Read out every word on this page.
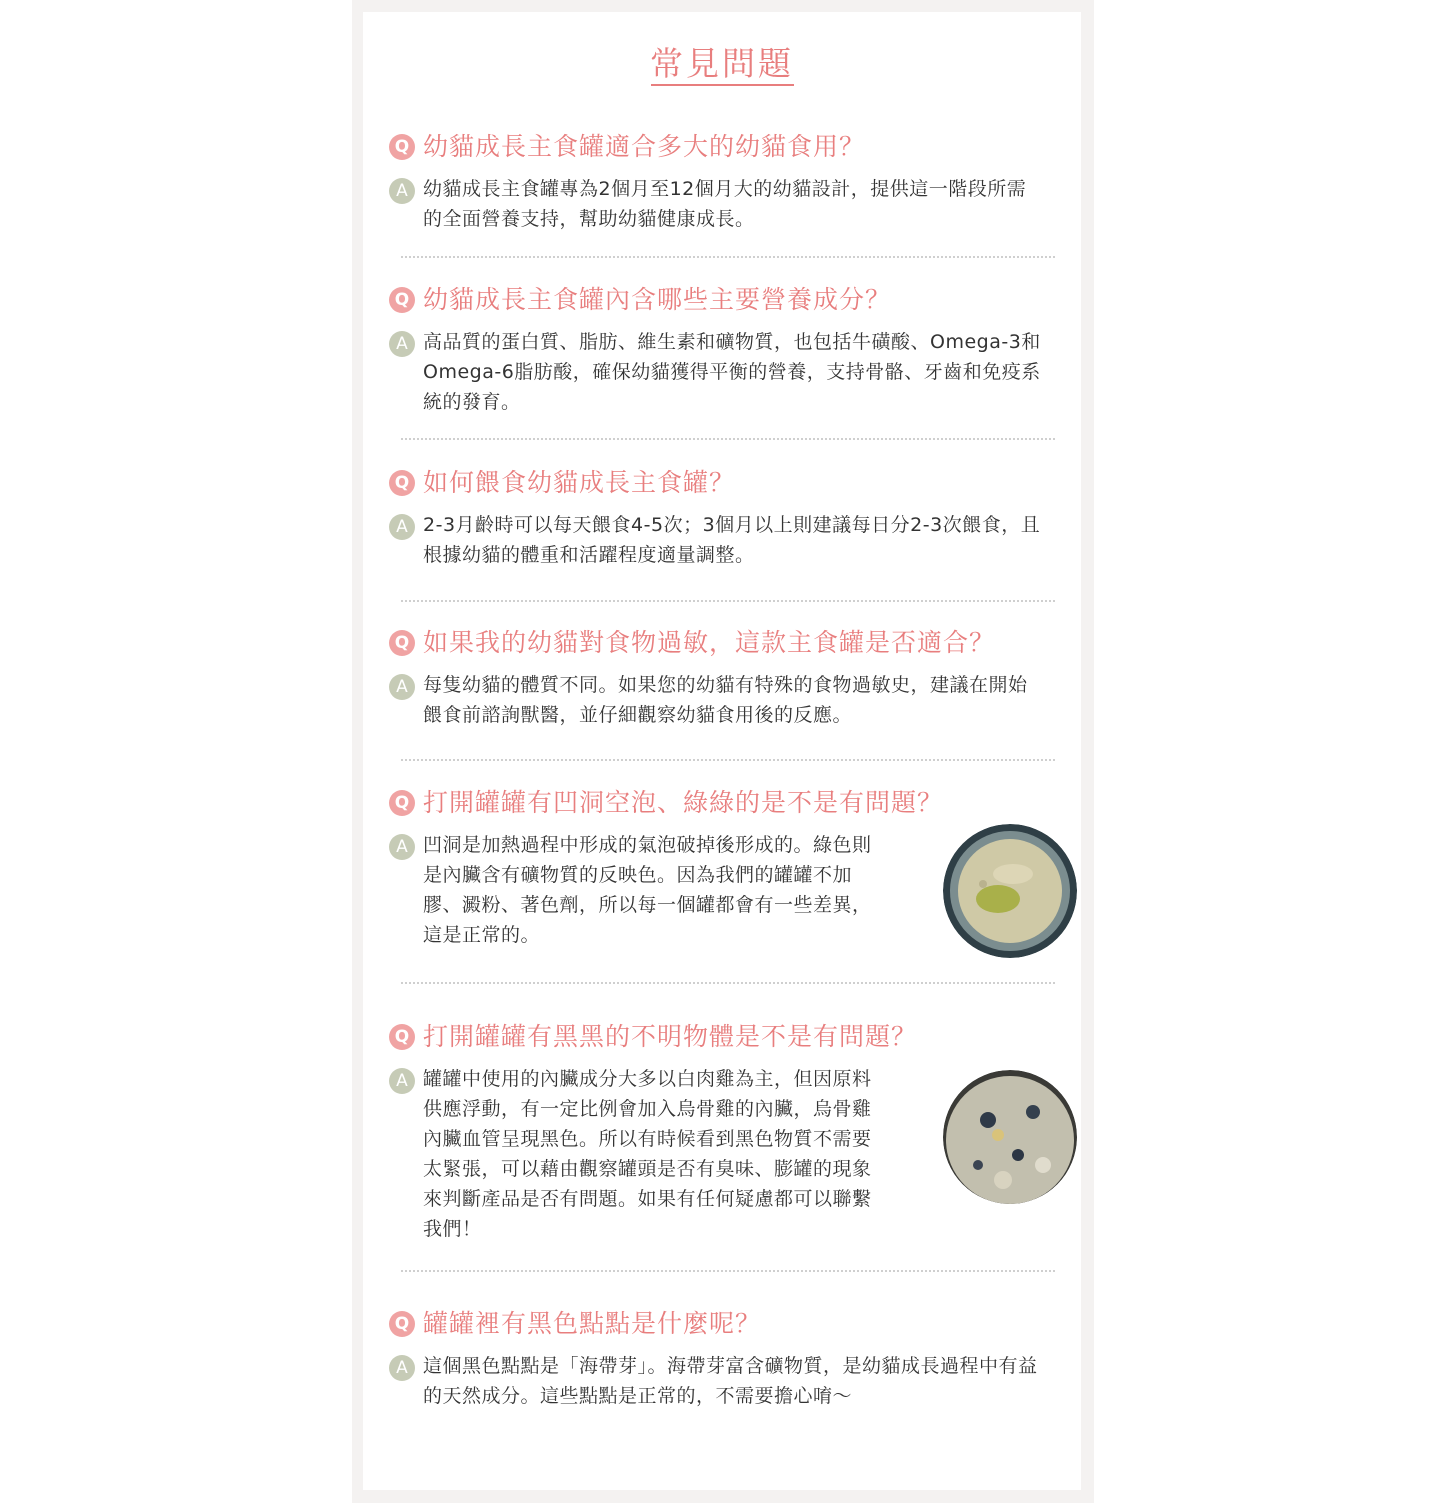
常見問題
Q 幼貓成長主食罐適合多大的幼貓食用？
A 幼貓成長主食罐專為2個月至12個月大的幼貓設計，提供這一階段所需的全面營養支持，幫助幼貓健康成長。
Q 幼貓成長主食罐內含哪些主要營養成分？
A 高品質的蛋白質、脂肪、維生素和礦物質，也包括牛磺酸、Omega-3和Omega-6脂肪酸，確保幼貓獲得平衡的營養，支持骨骼、牙齒和免疫系統的發育。
Q 如何餵食幼貓成長主食罐？
A 2-3月齡時可以每天餵食4-5次；3個月以上則建議每日分2-3次餵食，且根據幼貓的體重和活躍程度適量調整。
Q 如果我的幼貓對食物過敏，這款主食罐是否適合？
A 每隻幼貓的體質不同。如果您的幼貓有特殊的食物過敏史，建議在開始餵食前諮詢獸醫，並仔細觀察幼貓食用後的反應。
Q 打開罐罐有凹洞空泡、綠綠的是不是有問題？
A 凹洞是加熱過程中形成的氣泡破掉後形成的。綠色則是內臟含有礦物質的反映色。因為我們的罐罐不加膠、澱粉、著色劑，所以每一個罐都會有一些差異，這是正常的。
Q 打開罐罐有黑黑的不明物體是不是有問題？
A 罐罐中使用的內臟成分大多以白肉雞為主，但因原料供應浮動，有一定比例會加入烏骨雞的內臟，烏骨雞內臟血管呈現黑色。所以有時候看到黑色物質不需要太緊張，可以藉由觀察罐頭是否有臭味、膨罐的現象來判斷產品是否有問題。如果有任何疑慮都可以聯繫我們！
Q 罐罐裡有黑色點點是什麼呢？
A 這個黑色點點是「海帶芽」。海帶芽富含礦物質，是幼貓成長過程中有益的天然成分。這些點點是正常的，不需要擔心唷～
